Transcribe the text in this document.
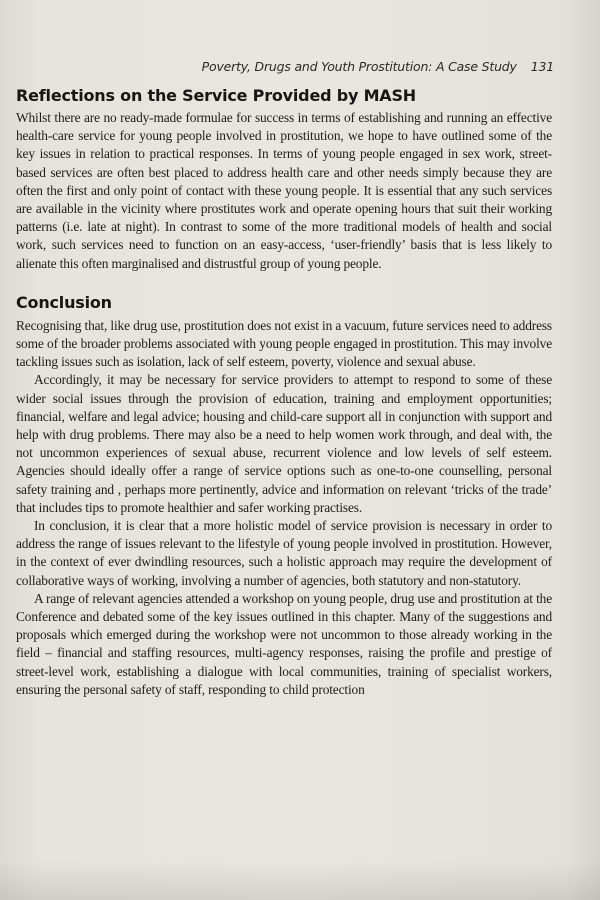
Poverty, Drugs and Youth Prostitution: A Case Study 131
Reflections on the Service Provided by MASH

Whilst there are no ready-made formulae for success in terms of establishing and running an effective health-care service for young people involved in prostitution, we hope to have outlined some of the key issues in relation to practical responses. In terms of young people engaged in sex work, street-based services are often best placed to address health care and other needs simply because they are often the first and only point of contact with these young people. It is essential that any such services are available in the vicinity where prostitutes work and operate opening hours that suit their working patterns (i.e. late at night). In contrast to some of the more traditional models of health and social work, such services need to function on an easy-access, ‘user-friendly’ basis that is less likely to alienate this often marginalised and distrustful group of young people.

Conclusion

Recognising that, like drug use, prostitution does not exist in a vacuum, future services need to address some of the broader problems associated with young people engaged in prostitution. This may involve tackling issues such as isolation, lack of self esteem, poverty, violence and sexual abuse.

Accordingly, it may be necessary for service providers to attempt to respond to some of these wider social issues through the provision of education, training and employment opportunities; financial, welfare and legal advice; housing and child-care support all in conjunction with support and help with drug problems. There may also be a need to help women work through, and deal with, the not uncommon experiences of sexual abuse, recurrent violence and low levels of self esteem. Agencies should ideally offer a range of service options such as one-to-one counselling, personal safety training and , perhaps more pertinently, advice and information on relevant ‘tricks of the trade’ that includes tips to promote healthier and safer working practises.

In conclusion, it is clear that a more holistic model of service provision is necessary in order to address the range of issues relevant to the lifestyle of young people involved in prostitution. However, in the context of ever dwindling resources, such a holistic approach may require the development of collaborative ways of working, involving a number of agencies, both statutory and non-statutory.

A range of relevant agencies attended a workshop on young people, drug use and prostitution at the Conference and debated some of the key issues outlined in this chapter. Many of the suggestions and proposals which emerged during the workshop were not uncommon to those already working in the field – financial and staffing resources, multi-agency responses, raising the profile and prestige of street-level work, establishing a dialogue with local communities, training of specialist workers, ensuring the personal safety of staff, responding to child protection
